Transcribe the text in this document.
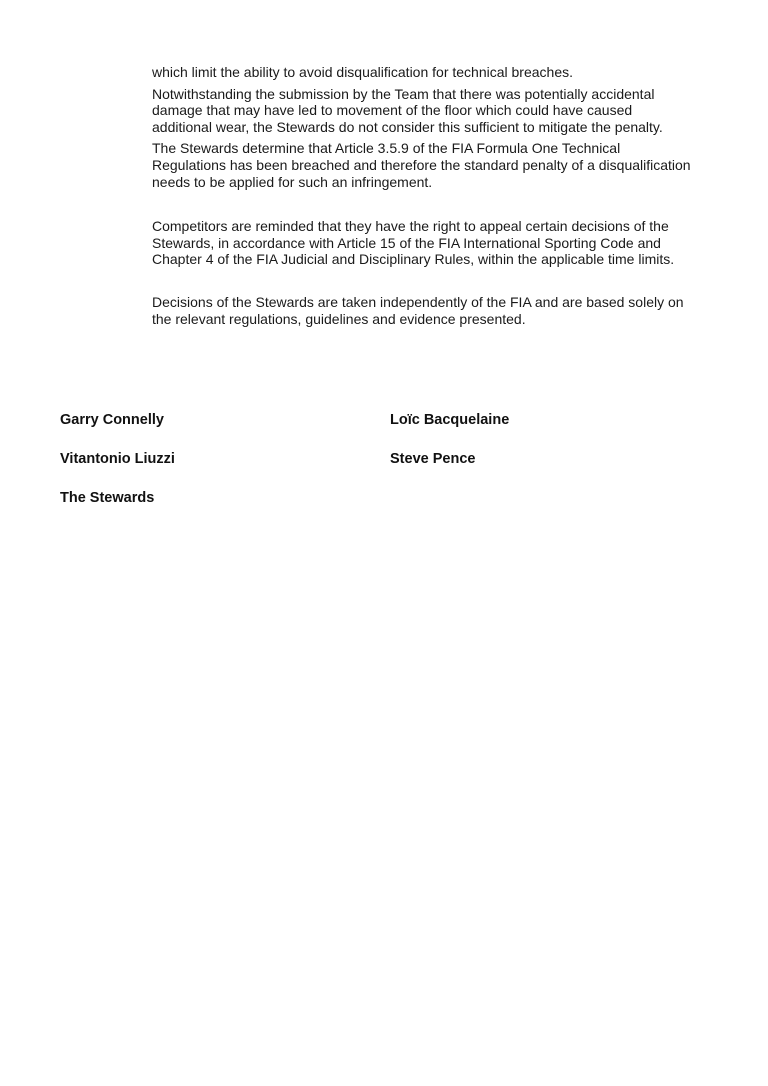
which limit the ability to avoid disqualification for technical breaches.

Notwithstanding the submission by the Team that there was potentially accidental damage that may have led to movement of the floor which could have caused additional wear, the Stewards do not consider this sufficient to mitigate the penalty.

The Stewards determine that Article 3.5.9 of the FIA Formula One Technical Regulations has been breached and therefore the standard penalty of a disqualification needs to be applied for such an infringement.

Competitors are reminded that they have the right to appeal certain decisions of the Stewards, in accordance with Article 15 of the FIA International Sporting Code and Chapter 4 of the FIA Judicial and Disciplinary Rules, within the applicable time limits.

Decisions of the Stewards are taken independently of the FIA and are based solely on the relevant regulations, guidelines and evidence presented.

Garry Connelly	Loïc Bacquelaine
Vitantonio Liuzzi	Steve Pence
The Stewards
